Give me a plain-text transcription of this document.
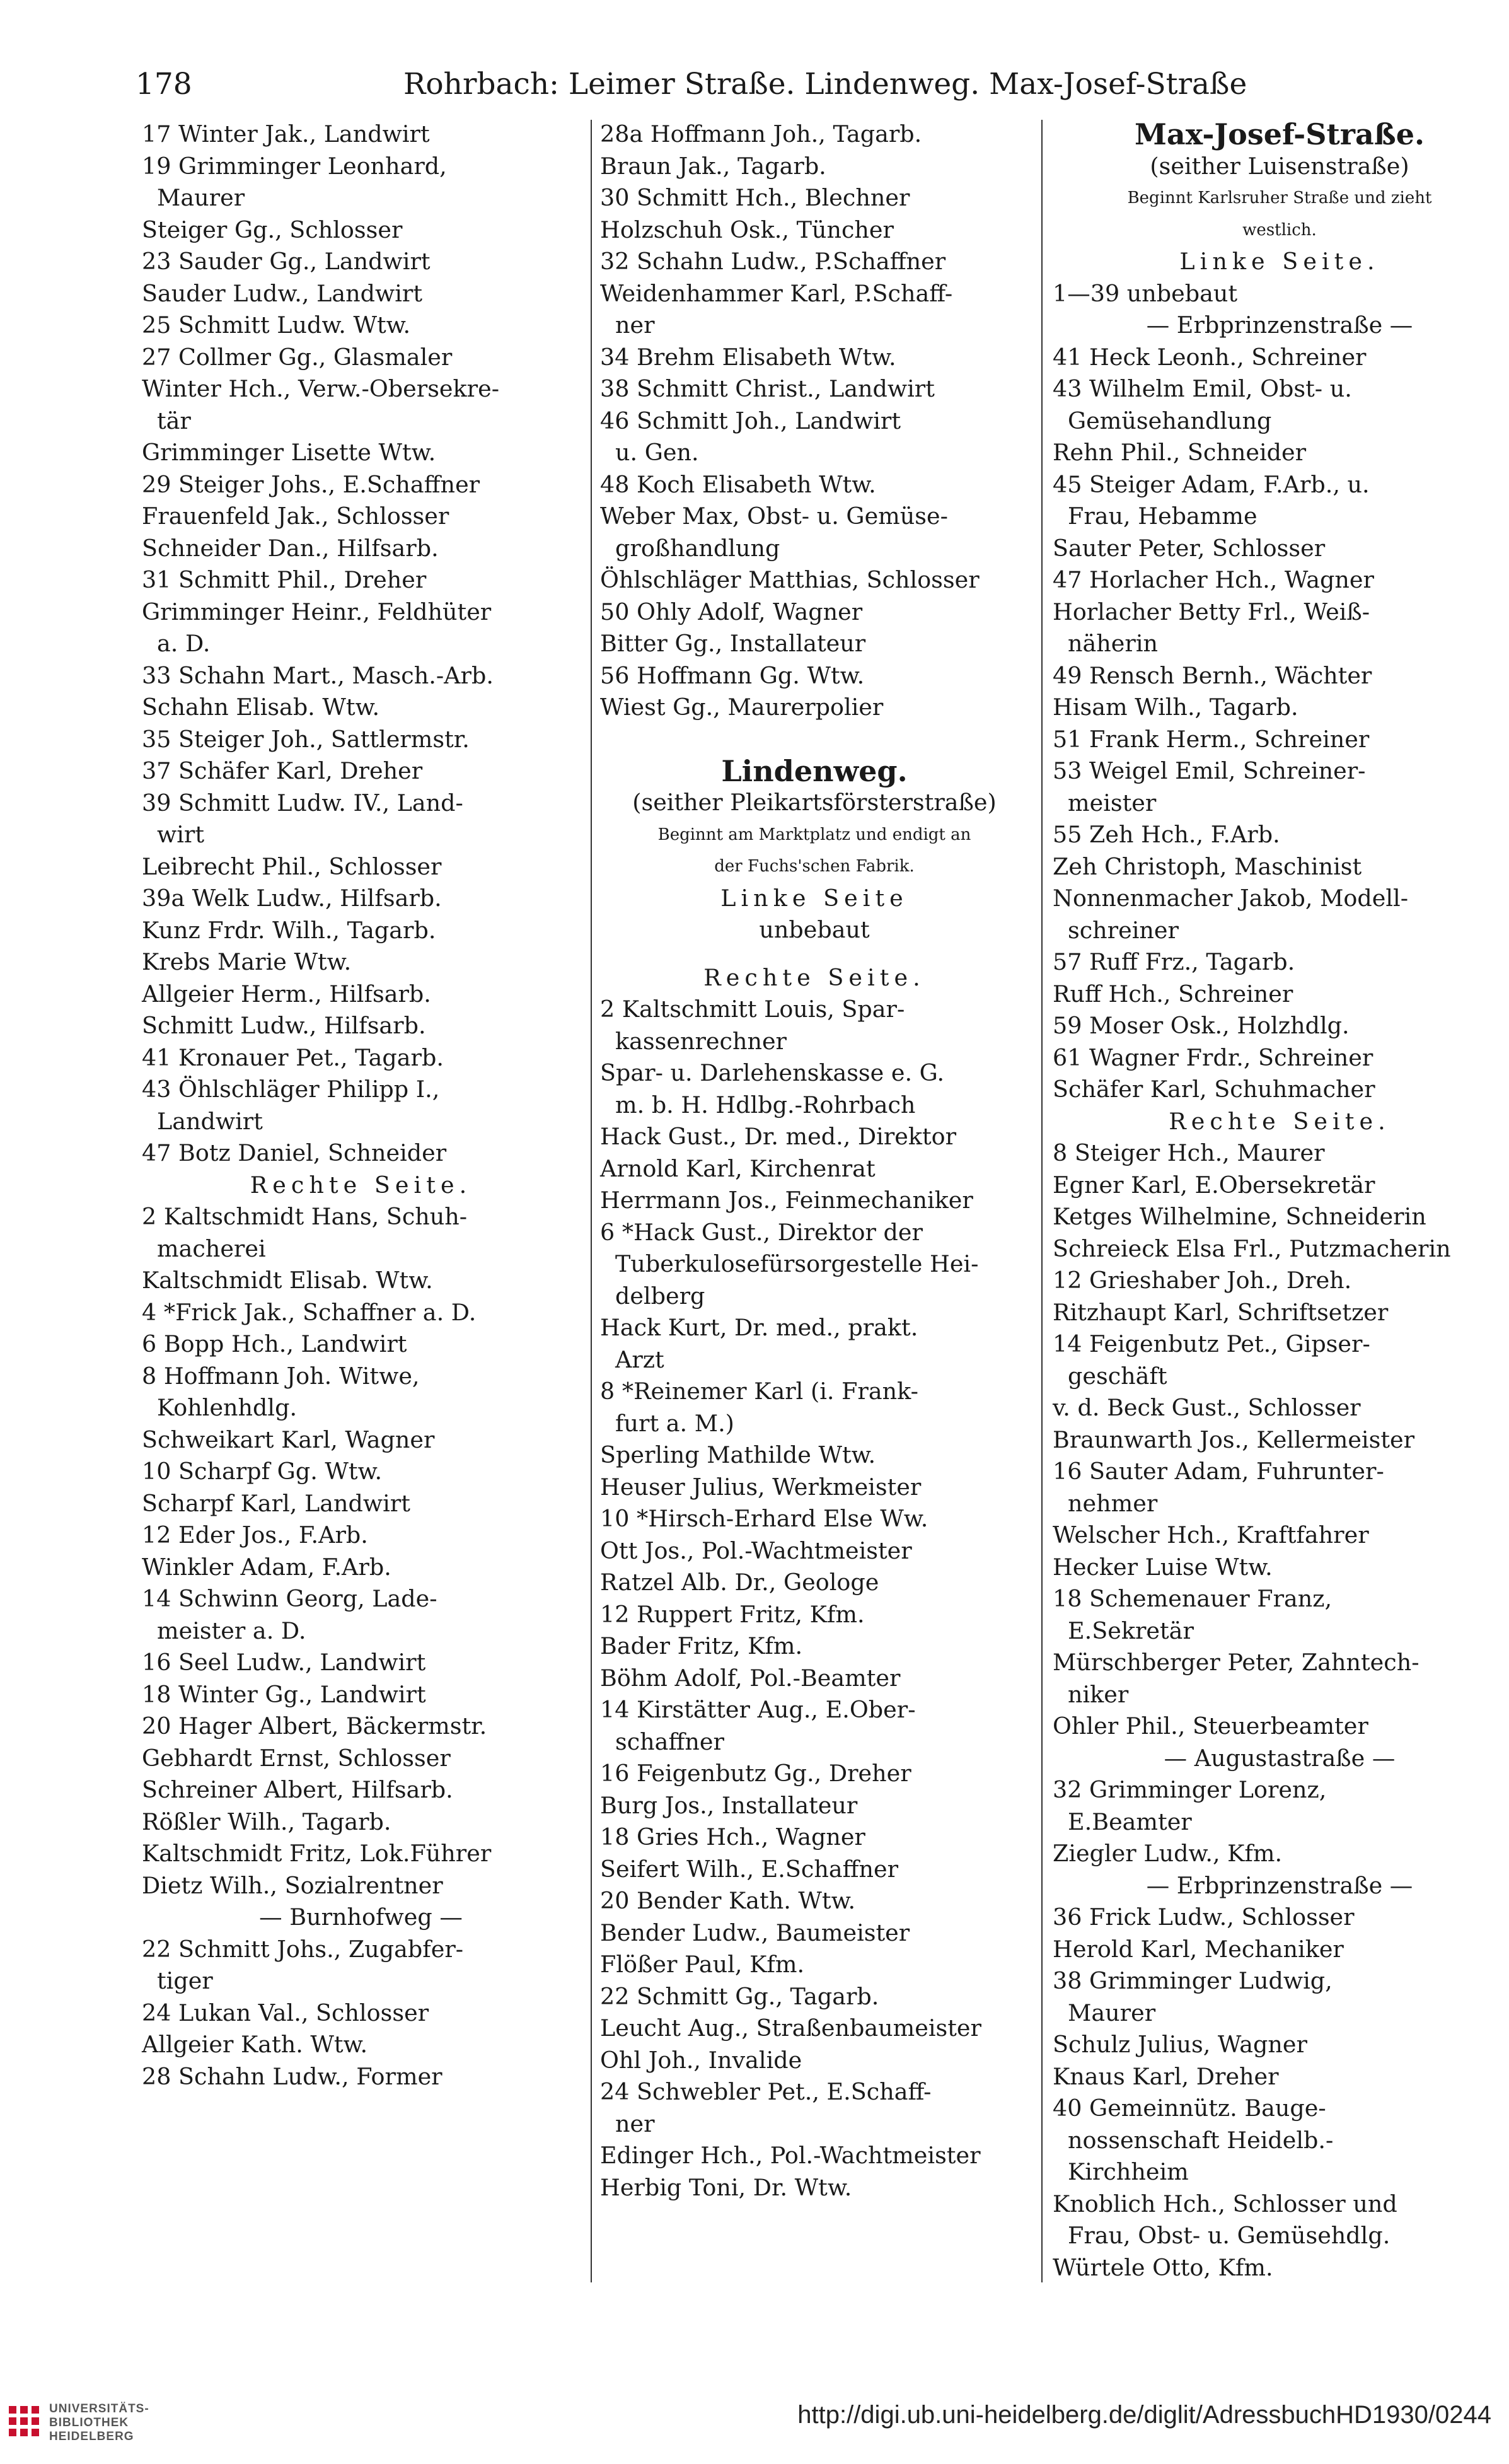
178	Rohrbach: Leimer Straße. Lindenweg. Max-Josef-Straße
17 Winter Jak., Landwirt
19 Grimminger Leonhard,
Maurer
Steiger Gg., Schlosser
23 Sauder Gg., Landwirt
Sauder Ludw., Landwirt
25 Schmitt Ludw. Wtw.
27 Collmer Gg., Glasmaler
Winter Hch., Verw.-Obersekre-
tär
Grimminger Lisette Wtw.
29 Steiger Johs., E.Schaffner
Frauenfeld Jak., Schlosser
Schneider Dan., Hilfsarb.
31 Schmitt Phil., Dreher
Grimminger Heinr., Feldhüter
a. D.
33 Schahn Mart., Masch.-Arb.
Schahn Elisab. Wtw.
35 Steiger Joh., Sattlermstr.
37 Schäfer Karl, Dreher
39 Schmitt Ludw. IV., Land-
wirt
Leibrecht Phil., Schlosser
39a Welk Ludw., Hilfsarb.
Kunz Frdr. Wilh., Tagarb.
Krebs Marie Wtw.
Allgeier Herm., Hilfsarb.
Schmitt Ludw., Hilfsarb.
41 Kronauer Pet., Tagarb.
43 Öhlschläger Philipp I.,
Landwirt
47 Botz Daniel, Schneider
Rechte Seite.
2 Kaltschmidt Hans, Schuh-
macherei
Kaltschmidt Elisab. Wtw.
4 *Frick Jak., Schaffner a. D.
6 Bopp Hch., Landwirt
8 Hoffmann Joh. Witwe,
Kohlenhdlg.
Schweikart Karl, Wagner
10 Scharpf Gg. Wtw.
Scharpf Karl, Landwirt
12 Eder Jos., F.Arb.
Winkler Adam, F.Arb.
14 Schwinn Georg, Lade-
meister a. D.
16 Seel Ludw., Landwirt
18 Winter Gg., Landwirt
20 Hager Albert, Bäckermstr.
Gebhardt Ernst, Schlosser
Schreiner Albert, Hilfsarb.
Rößler Wilh., Tagarb.
Kaltschmidt Fritz, Lok.Führer
Dietz Wilh., Sozialrentner
— Burnhofweg —
22 Schmitt Johs., Zugabfer-
tiger
24 Lukan Val., Schlosser
Allgeier Kath. Wtw.
28 Schahn Ludw., Former
28a Hoffmann Joh., Tagarb.
Braun Jak., Tagarb.
30 Schmitt Hch., Blechner
Holzschuh Osk., Tüncher
32 Schahn Ludw., P.Schaffner
Weidenhammer Karl, P.Schaff-
ner
34 Brehm Elisabeth Wtw.
38 Schmitt Christ., Landwirt
46 Schmitt Joh., Landwirt
u. Gen.
48 Koch Elisabeth Wtw.
Weber Max, Obst- u. Gemüse-
großhandlung
Öhlschläger Matthias, Schlosser
50 Ohly Adolf, Wagner
Bitter Gg., Installateur
56 Hoffmann Gg. Wtw.
Wiest Gg., Maurerpolier
Lindenweg.
(seither Pleikartsförsterstraße)
Beginnt am Marktplatz und endigt an
der Fuchs'schen Fabrik.
Linke Seite
unbebaut
Rechte Seite.
2 Kaltschmitt Louis, Spar-
kassenrechner
Spar- u. Darlehenskasse e. G.
m. b. H. Hdlbg.-Rohrbach
Hack Gust., Dr. med., Direktor
Arnold Karl, Kirchenrat
Herrmann Jos., Feinmechaniker
6 *Hack Gust., Direktor der
Tuberkulosefürsorgestelle Hei-
delberg
Hack Kurt, Dr. med., prakt.
Arzt
8 *Reinemer Karl (i. Frank-
furt a. M.)
Sperling Mathilde Wtw.
Heuser Julius, Werkmeister
10 *Hirsch-Erhard Else Ww.
Ott Jos., Pol.-Wachtmeister
Ratzel Alb. Dr., Geologe
12 Ruppert Fritz, Kfm.
Bader Fritz, Kfm.
Böhm Adolf, Pol.-Beamter
14 Kirstätter Aug., E.Ober-
schaffner
16 Feigenbutz Gg., Dreher
Burg Jos., Installateur
18 Gries Hch., Wagner
Seifert Wilh., E.Schaffner
20 Bender Kath. Wtw.
Bender Ludw., Baumeister
Flößer Paul, Kfm.
22 Schmitt Gg., Tagarb.
Leucht Aug., Straßenbaumeister
Ohl Joh., Invalide
24 Schwebler Pet., E.Schaff-
ner
Edinger Hch., Pol.-Wachtmeister
Herbig Toni, Dr. Wtw.
Max-Josef-Straße.
(seither Luisenstraße)
Beginnt Karlsruher Straße und zieht
westlich.
Linke Seite.
1—39 unbebaut
— Erbprinzenstraße —
41 Heck Leonh., Schreiner
43 Wilhelm Emil, Obst- u.
Gemüsehandlung
Rehn Phil., Schneider
45 Steiger Adam, F.Arb., u.
Frau, Hebamme
Sauter Peter, Schlosser
47 Horlacher Hch., Wagner
Horlacher Betty Frl., Weiß-
näherin
49 Rensch Bernh., Wächter
Hisam Wilh., Tagarb.
51 Frank Herm., Schreiner
53 Weigel Emil, Schreiner-
meister
55 Zeh Hch., F.Arb.
Zeh Christoph, Maschinist
Nonnenmacher Jakob, Modell-
schreiner
57 Ruff Frz., Tagarb.
Ruff Hch., Schreiner
59 Moser Osk., Holzhdlg.
61 Wagner Frdr., Schreiner
Schäfer Karl, Schuhmacher
Rechte Seite.
8 Steiger Hch., Maurer
Egner Karl, E.Obersekretär
Ketges Wilhelmine, Schneiderin
Schreieck Elsa Frl., Putzmacherin
12 Grieshaber Joh., Dreh.
Ritzhaupt Karl, Schriftsetzer
14 Feigenbutz Pet., Gipser-
geschäft
v. d. Beck Gust., Schlosser
Braunwarth Jos., Kellermeister
16 Sauter Adam, Fuhrunter-
nehmer
Welscher Hch., Kraftfahrer
Hecker Luise Wtw.
18 Schemenauer Franz,
E.Sekretär
Mürschberger Peter, Zahntech-
niker
Ohler Phil., Steuerbeamter
— Augustastraße —
32 Grimminger Lorenz,
E.Beamter
Ziegler Ludw., Kfm.
— Erbprinzenstraße —
36 Frick Ludw., Schlosser
Herold Karl, Mechaniker
38 Grimminger Ludwig,
Maurer
Schulz Julius, Wagner
Knaus Karl, Dreher
40 Gemeinnütz. Bauge-
nossenschaft Heidelb.-
Kirchheim
Knoblich Hch., Schlosser und
Frau, Obst- u. Gemüsehdlg.
Würtele Otto, Kfm.
UNIVERSITÄTS-
BIBLIOTHEK
HEIDELBERG
http://digi.ub.uni-heidelberg.de/diglit/AdressbuchHD1930/0244
